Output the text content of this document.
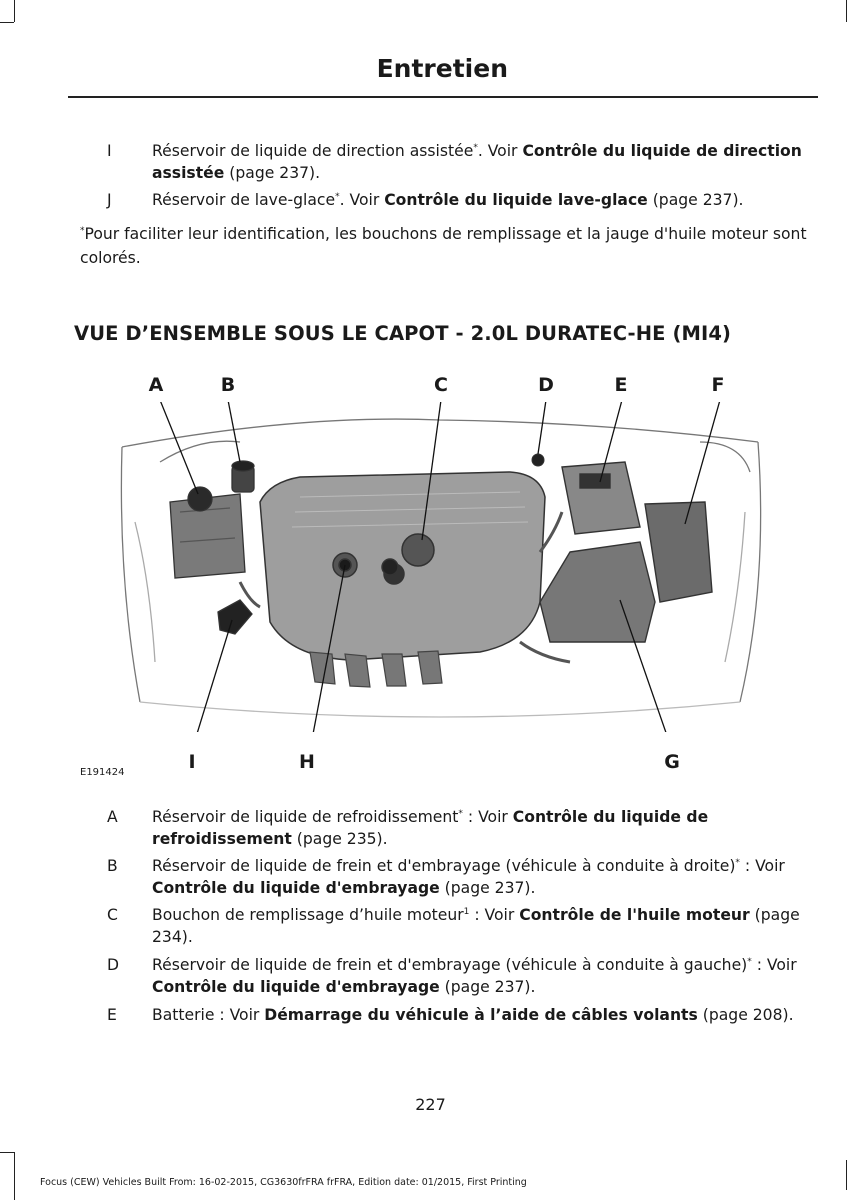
Entretien
I	Réservoir de liquide de direction assistée*. Voir Contrôle du liquide de direction assistée (page 237).
J	Réservoir de lave-glace*. Voir Contrôle du liquide lave-glace (page 237).
*Pour faciliter leur identification, les bouchons de remplissage et la jauge d'huile moteur sont colorés.
VUE D’ENSEMBLE SOUS LE CAPOT - 2.0L DURATEC-HE (MI4)
A	B	C	D	E	F
I	H	G
E191424
A Réservoir de liquide de refroidissement* : Voir Contrôle du liquide de refroidissement (page 235).
B Réservoir de liquide de frein et d'embrayage (véhicule à conduite à droite)* : Voir Contrôle du liquide d'embrayage (page 237).
C Bouchon de remplissage d’huile moteur$^1$ : Voir Contrôle de l'huile moteur (page 234).
D Réservoir de liquide de frein et d'embrayage (véhicule à conduite à gauche)* : Voir Contrôle du liquide d'embrayage (page 237).
E Batterie : Voir Démarrage du véhicule à l’aide de câbles volants (page 208).
227
Focus (CEW) Vehicles Built From: 16-02-2015, CG3630frFRA frFRA, Edition date: 01/2015, First Printing
